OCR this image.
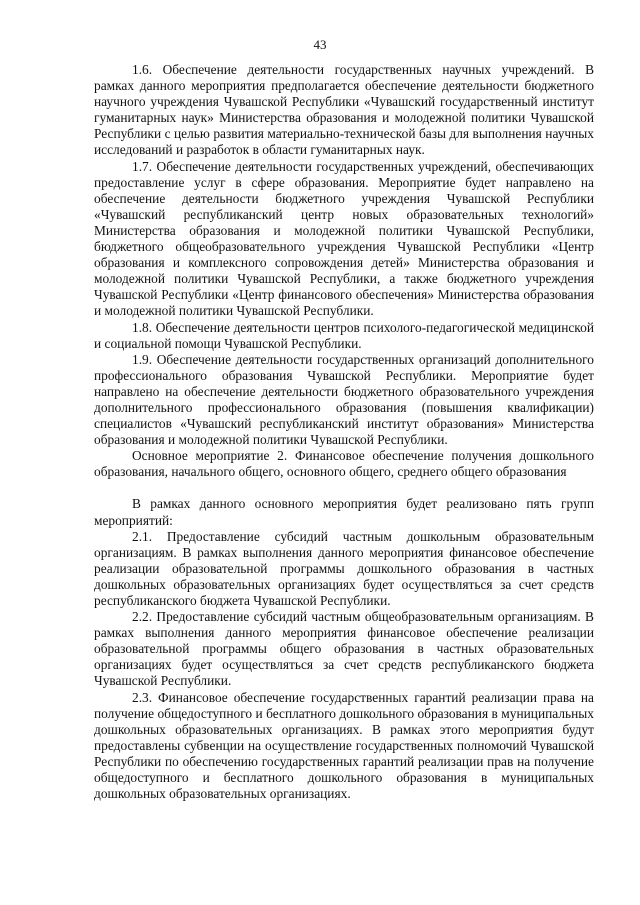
43

1.6. Обеспечение деятельности государственных научных учреждений. В рамках данного мероприятия предполагается обеспечение деятельности бюджетного научного учреждения Чувашской Республики «Чувашский государственный институт гуманитарных наук» Министерства образования и молодежной политики Чувашской Республики с целью развития материально-технической базы для выполнения научных исследований и разработок в области гуманитарных наук.

1.7. Обеспечение деятельности государственных учреждений, обеспечивающих предоставление услуг в сфере образования. Мероприятие будет направлено на обеспечение деятельности бюджетного учреждения Чувашской Республики «Чувашский республиканский центр новых образовательных технологий» Министерства образования и молодежной политики Чувашской Республики, бюджетного общеобразовательного учреждения Чувашской Республики «Центр образования и комплексного сопровождения детей» Министерства образования и молодежной политики Чувашской Республики, а также бюджетного учреждения Чувашской Республики «Центр финансового обеспечения» Министерства образования и молодежной политики Чувашской Республики.

1.8. Обеспечение деятельности центров психолого-педагогической медицинской и социальной помощи Чувашской Республики.

1.9. Обеспечение деятельности государственных организаций дополнительного профессионального образования Чувашской Республики. Мероприятие будет направлено на обеспечение деятельности бюджетного образовательного учреждения дополнительного профессионального образования (повышения квалификации) специалистов «Чувашский республиканский институт образования» Министерства образования и молодежной политики Чувашской Республики.

Основное мероприятие 2. Финансовое обеспечение получения дошкольного образования, начального общего, основного общего, среднего общего образования

В рамках данного основного мероприятия будет реализовано пять групп мероприятий:

2.1. Предоставление субсидий частным дошкольным образовательным организациям. В рамках выполнения данного мероприятия финансовое обеспечение реализации образовательной программы дошкольного образования в частных дошкольных образовательных организациях будет осуществляться за счет средств республиканского бюджета Чувашской Республики.

2.2. Предоставление субсидий частным общеобразовательным организациям. В рамках выполнения данного мероприятия финансовое обеспечение реализации образовательной программы общего образования в частных образовательных организациях будет осуществляться за счет средств республиканского бюджета Чувашской Республики.

2.3. Финансовое обеспечение государственных гарантий реализации права на получение общедоступного и бесплатного дошкольного образования в муниципальных дошкольных образовательных организациях. В рамках этого мероприятия будут предоставлены субвенции на осуществление государственных полномочий Чувашской Республики по обеспечению государственных гарантий реализации прав на получение общедоступного и бесплатного дошкольного образования в муниципальных дошкольных образовательных организациях.
